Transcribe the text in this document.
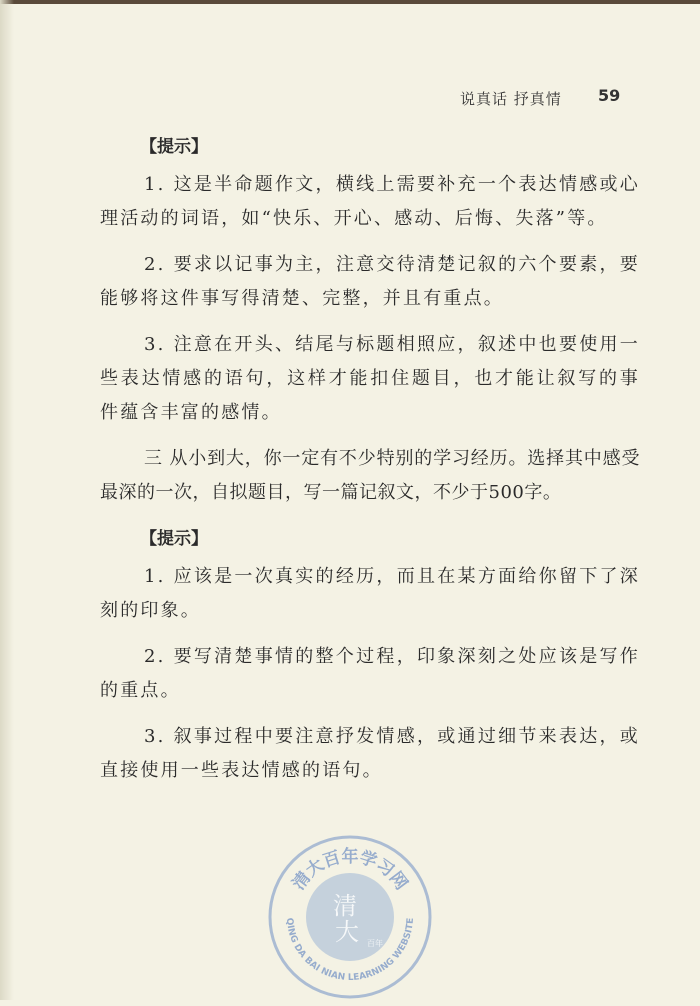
说真话 抒真情 59
【提示】

1. 这是半命题作文，横线上需要补充一个表达情感或心理活动的词语，如“快乐、开心、感动、后悔、失落”等。

2. 要求以记事为主，注意交待清楚记叙的六个要素，要能够将这件事写得清楚、完整，并且有重点。

3. 注意在开头、结尾与标题相照应，叙述中也要使用一些表达情感的语句，这样才能扣住题目，也才能让叙写的事件蕴含丰富的感情。

三 从小到大，你一定有不少特别的学习经历。选择其中感受最深的一次，自拟题目，写一篇记叙文，不少于500字。

【提示】

1. 应该是一次真实的经历，而且在某方面给你留下了深刻的印象。

2. 要写清楚事情的整个过程，印象深刻之处应该是写作的重点。

3. 叙事过程中要注意抒发情感，或通过细节来表达，或直接使用一些表达情感的语句。

清大百年学习网
QING DA BAI NIAN LEARNING WEBSITE
清
大 百年
